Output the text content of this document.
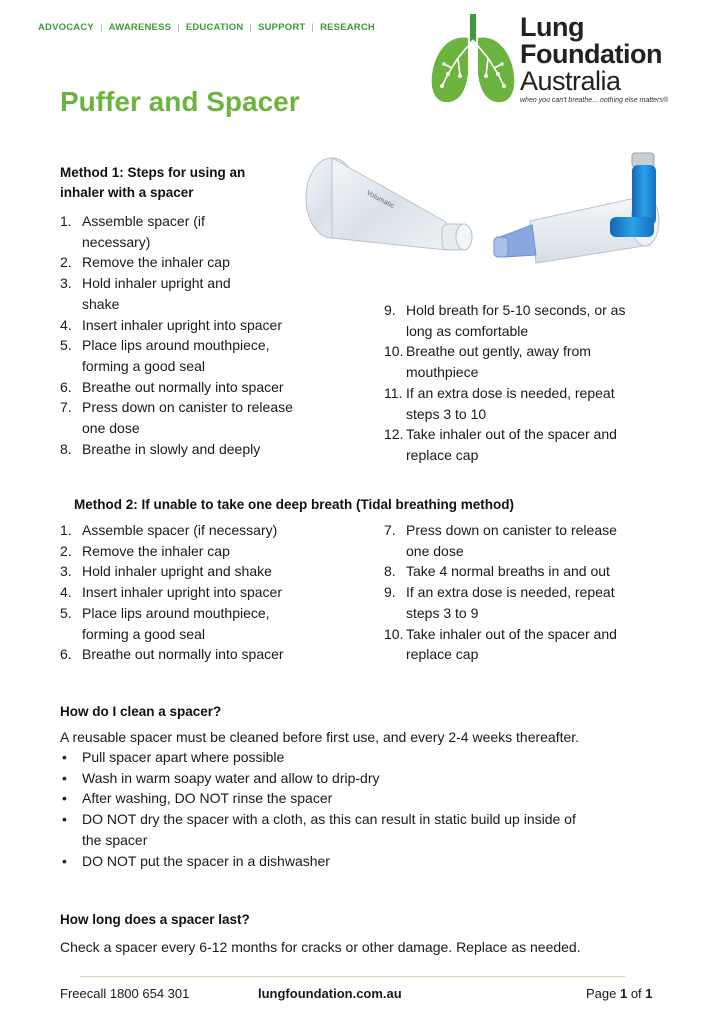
ADVOCACY | AWARENESS | EDUCATION | SUPPORT | RESEARCH	Lung
Foundation
Australia
when you can't breathe... nothing else matters®
Puffer and Spacer
Method 1: Steps for using an
inhaler with a spacer	Volumatic
1. Assemble spacer (if
necessary)
2. Remove the inhaler cap
3. Hold inhaler upright and
shake
4. Insert inhaler upright into spacer
5. Place lips around mouthpiece,
forming a good seal
6. Breathe out normally into spacer
7. Press down on canister to release
one dose
8. Breathe in slowly and deeply
9. Hold breath for 5-10 seconds, or as
long as comfortable
10. Breathe out gently, away from
mouthpiece
11. If an extra dose is needed, repeat
steps 3 to 10
12. Take inhaler out of the spacer and
replace cap
Method 2: If unable to take one deep breath (Tidal breathing method)
1. Assemble spacer (if necessary)
2. Remove the inhaler cap
3. Hold inhaler upright and shake
4. Insert inhaler upright into spacer
5. Place lips around mouthpiece,
forming a good seal
6. Breathe out normally into spacer
7. Press down on canister to release
one dose
8. Take 4 normal breaths in and out
9. If an extra dose is needed, repeat
steps 3 to 9
10. Take inhaler out of the spacer and
replace cap
How do I clean a spacer?
A reusable spacer must be cleaned before first use, and every 2-4 weeks thereafter.
• Pull spacer apart where possible
• Wash in warm soapy water and allow to drip-dry
• After washing, DO NOT rinse the spacer
• DO NOT dry the spacer with a cloth, as this can result in static build up inside of
the spacer
• DO NOT put the spacer in a dishwasher
How long does a spacer last?
Check a spacer every 6-12 months for cracks or other damage. Replace as needed.
Freecall 1800 654 301	lungfoundation.com.au	Page 1 of 1
